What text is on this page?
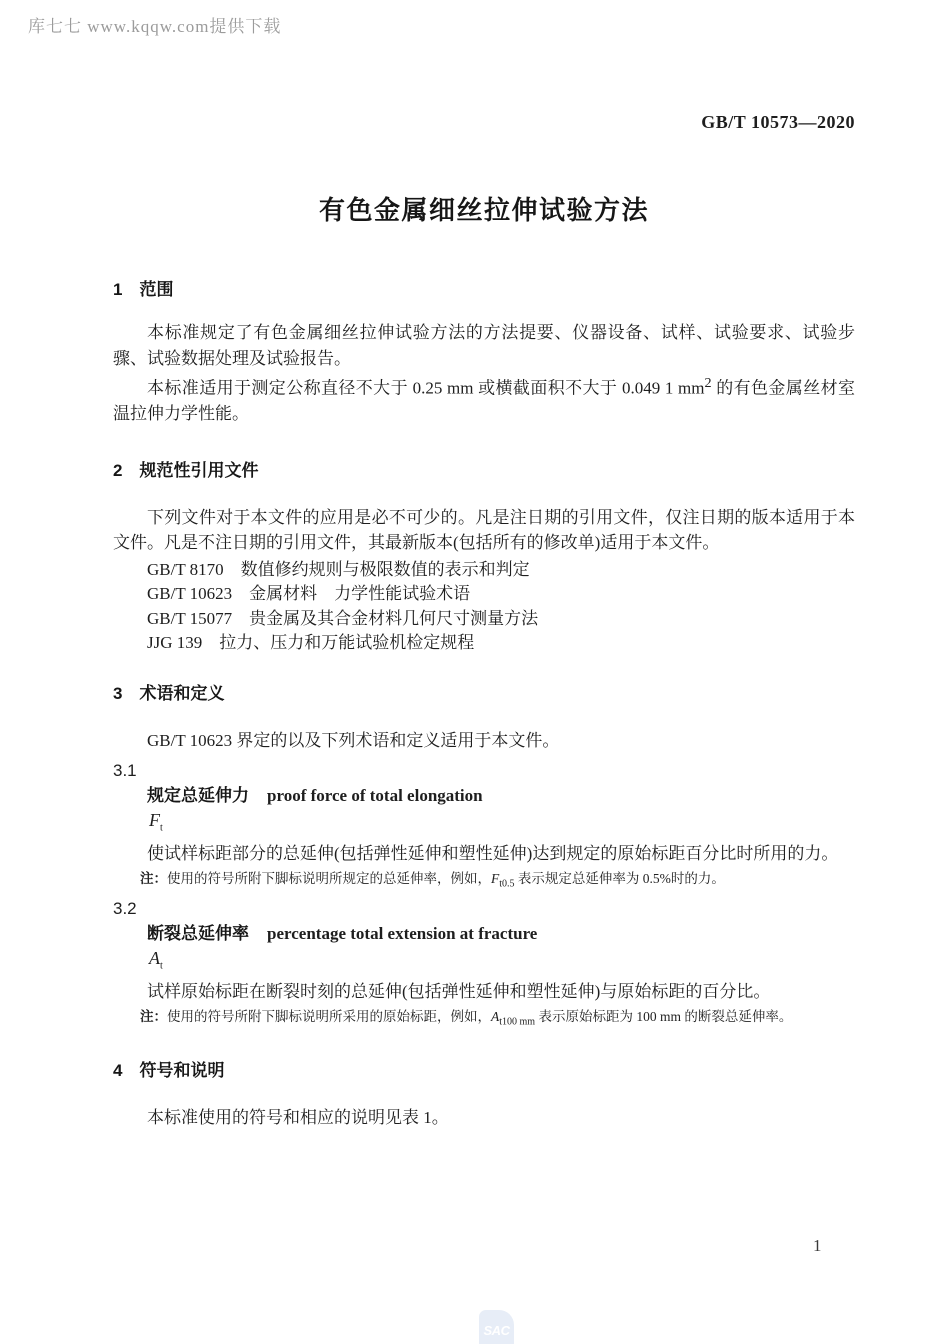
库七七 www.kqqw.com提供下载
GB/T 10573—2020
有色金属细丝拉伸试验方法
1　范围

本标准规定了有色金属细丝拉伸试验方法的方法提要、仪器设备、试样、试验要求、试验步骤、试验数据处理及试验报告。

本标准适用于测定公称直径不大于 0.25 mm 或横截面积不大于 0.049 1 $mm^2$ 的有色金属丝材室温拉伸力学性能。

2　规范性引用文件

下列文件对于本文件的应用是必不可少的。凡是注日期的引用文件，仅注日期的版本适用于本文件。凡是不注日期的引用文件，其最新版本(包括所有的修改单)适用于本文件。

GB/T 8170　数值修约规则与极限数值的表示和判定

GB/T 10623　金属材料　力学性能试验术语

GB/T 15077　贵金属及其合金材料几何尺寸测量方法

JJG 139　拉力、压力和万能试验机检定规程

3　术语和定义

GB/T 10623 界定的以及下列术语和定义适用于本文件。

3.1

规定总延伸力 proof force of total elongation

$F_t$

使试样标距部分的总延伸(包括弹性延伸和塑性延伸)达到规定的原始标距百分比时所用的力。

注：使用的符号所附下脚标说明所规定的总延伸率，例如，$F_{t0.5}$ 表示规定总延伸率为 0.5%时的力。

3.2

断裂总延伸率 percentage total extension at fracture

$A_t$

试样原始标距在断裂时刻的总延伸(包括弹性延伸和塑性延伸)与原始标距的百分比。

注：使用的符号所附下脚标说明所采用的原始标距，例如，$A_{t100 mm}$ 表示原始标距为 100 mm 的断裂总延伸率。

4　符号和说明

本标准使用的符号和相应的说明见表 1。

1
SAC
